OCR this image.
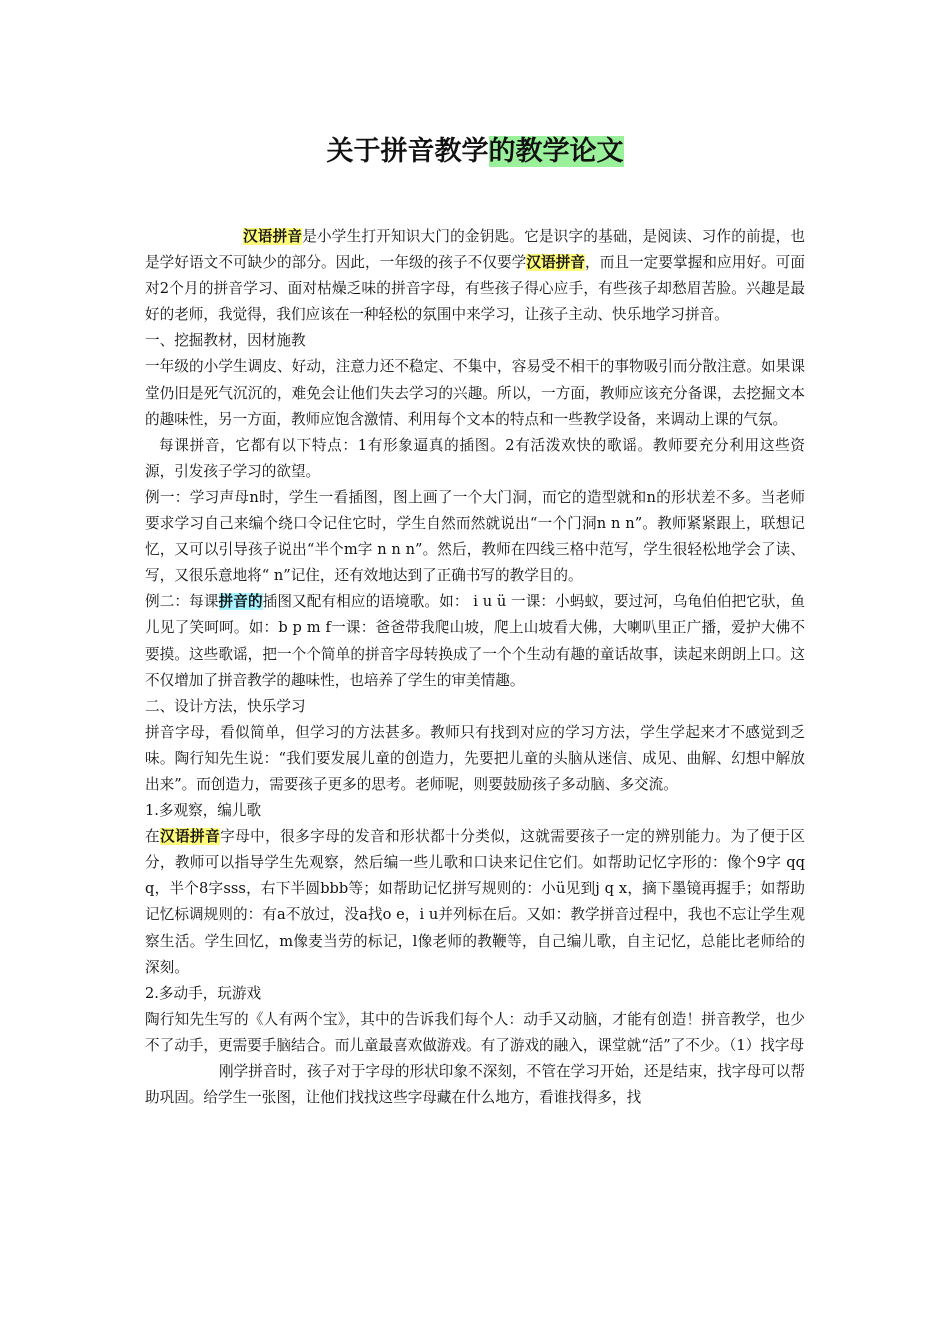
关于拼音教学的教学论文

汉语拼音是小学生打开知识大门的金钥匙。它是识字的基础，是阅读、习作的前提，也是学好语文不可缺少的部分。因此，一年级的孩子不仅要学汉语拼音，而且一定要掌握和应用好。可面对2个月的拼音学习、面对枯燥乏味的拼音字母，有些孩子得心应手，有些孩子却愁眉苦脸。兴趣是最好的老师，我觉得，我们应该在一种轻松的氛围中来学习，让孩子主动、快乐地学习拼音。

一、挖掘教材，因材施教

一年级的小学生调皮、好动，注意力还不稳定、不集中，容易受不相干的事物吸引而分散注意。如果课堂仍旧是死气沉沉的，难免会让他们失去学习的兴趣。所以，一方面，教师应该充分备课，去挖掘文本的趣味性，另一方面，教师应饱含激情、利用每个文本的特点和一些教学设备，来调动上课的气氛。

每课拼音，它都有以下特点：1有形象逼真的插图。2有活泼欢快的歌谣。教师要充分利用这些资源，引发孩子学习的欲望。

例一：学习声母n时，学生一看插图，图上画了一个大门洞，而它的造型就和n的形状差不多。当老师要求学习自己来编个绕口令记住它时，学生自然而然就说出“一个门洞n n n”。教师紧紧跟上，联想记忆，又可以引导孩子说出“半个m字 n n n”。然后，教师在四线三格中范写，学生很轻松地学会了读、写，又很乐意地将“ n”记住，还有效地达到了正确书写的教学目的。

例二：每课拼音的插图又配有相应的语境歌。如： i u ü 一课：小蚂蚁，要过河，乌龟伯伯把它驮，鱼儿见了笑呵呵。如：b p m f一课：爸爸带我爬山坡，爬上山坡看大佛，大喇叭里正广播，爱护大佛不要摸。这些歌谣，把一个个简单的拼音字母转换成了一个个生动有趣的童话故事，读起来朗朗上口。这不仅增加了拼音教学的趣味性，也培养了学生的审美情趣。

二、设计方法，快乐学习

拼音字母，看似简单，但学习的方法甚多。教师只有找到对应的学习方法，学生学起来才不感觉到乏味。陶行知先生说：“我们要发展儿童的创造力，先要把儿童的头脑从迷信、成见、曲解、幻想中解放出来”。而创造力，需要孩子更多的思考。老师呢，则要鼓励孩子多动脑、多交流。

1.多观察，编儿歌

在汉语拼音字母中，很多字母的发音和形状都十分类似，这就需要孩子一定的辨别能力。为了便于区分，教师可以指导学生先观察，然后编一些儿歌和口诀来记住它们。如帮助记忆字形的：像个9字 qqq，半个8字sss，右下半圆bbb等；如帮助记忆拼写规则的：小ü见到j q x，摘下墨镜再握手；如帮助记忆标调规则的：有a不放过，没a找o e，i u并列标在后。又如：教学拼音过程中，我也不忘让学生观察生活。学生回忆，m像麦当劳的标记，l像老师的教鞭等，自己编儿歌，自主记忆，总能比老师给的深刻。

2.多动手，玩游戏

陶行知先生写的《人有两个宝》，其中的告诉我们每个人：动手又动脑，才能有创造！拼音教学，也少不了动手，更需要手脑结合。而儿童最喜欢做游戏。有了游戏的融入，课堂就“活”了不少。（1）找字母

刚学拼音时，孩子对于字母的形状印象不深刻，不管在学习开始，还是结束，找字母可以帮助巩固。给学生一张图，让他们找找这些字母藏在什么地方，看谁找得多，找
